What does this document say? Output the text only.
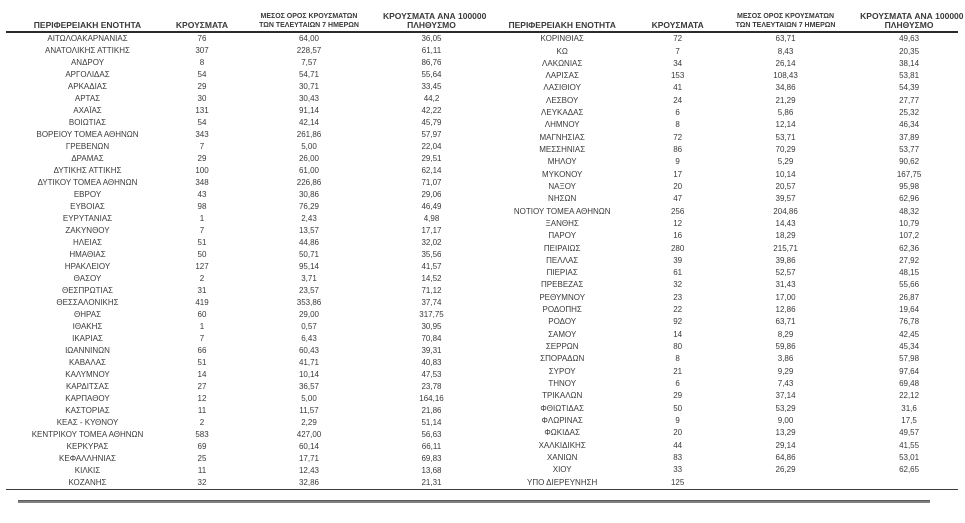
ΠΕΡΙΦΕΡΕΙΑΚΗ ΕΝΟΤΗΤΑ	ΚΡΟΥΣΜΑΤΑ	ΜΕΣΟΣ ΟΡΟΣ ΚΡΟΥΣΜΑΤΩΝ
ΤΩΝ ΤΕΛΕΥΤΑΙΩΝ 7 ΗΜΕΡΩΝ	ΚΡΟΥΣΜΑΤΑ ΑΝΑ 100000
ΠΛΗΘΥΣΜΟ

ΑΙΤΩΛΟΑΚΑΡΝΑΝΙΑΣ	76	64,00	36,05
ΑΝΑΤΟΛΙΚΗΣ ΑΤΤΙΚΗΣ	307	228,57	61,11
ΑΝΔΡΟΥ	8	7,57	86,76
ΑΡΓΟΛΙΔΑΣ	54	54,71	55,64
ΑΡΚΑΔΙΑΣ	29	30,71	33,45
ΑΡΤΑΣ	30	30,43	44,2
ΑΧΑΪΑΣ	131	91,14	42,22
ΒΟΙΩΤΙΑΣ	54	42,14	45,79
ΒΟΡΕΙΟΥ ΤΟΜΕΑ ΑΘΗΝΩΝ	343	261,86	57,97
ΓΡΕΒΕΝΩΝ	7	5,00	22,04
ΔΡΑΜΑΣ	29	26,00	29,51
ΔΥΤΙΚΗΣ ΑΤΤΙΚΗΣ	100	61,00	62,14
ΔΥΤΙΚΟΥ ΤΟΜΕΑ ΑΘΗΝΩΝ	348	226,86	71,07
ΕΒΡΟΥ	43	30,86	29,06
ΕΥΒΟΙΑΣ	98	76,29	46,49
ΕΥΡΥΤΑΝΙΑΣ	1	2,43	4,98
ΖΑΚΥΝΘΟΥ	7	13,57	17,17
ΗΛΕΙΑΣ	51	44,86	32,02
ΗΜΑΘΙΑΣ	50	50,71	35,56
ΗΡΑΚΛΕΙΟΥ	127	95,14	41,57
ΘΑΣΟΥ	2	3,71	14,52
ΘΕΣΠΡΩΤΙΑΣ	31	23,57	71,12
ΘΕΣΣΑΛΟΝΙΚΗΣ	419	353,86	37,74
ΘΗΡΑΣ	60	29,00	317,75
ΙΘΑΚΗΣ	1	0,57	30,95
ΙΚΑΡΙΑΣ	7	6,43	70,84
ΙΩΑΝΝΙΝΩΝ	66	60,43	39,31
ΚΑΒΑΛΑΣ	51	41,71	40,83
ΚΑΛΥΜΝΟΥ	14	10,14	47,53
ΚΑΡΔΙΤΣΑΣ	27	36,57	23,78
ΚΑΡΠΑΘΟΥ	12	5,00	164,16
ΚΑΣΤΟΡΙΑΣ	11	11,57	21,86
ΚΕΑΣ - ΚΥΘΝΟΥ	2	2,29	51,14
ΚΕΝΤΡΙΚΟΥ ΤΟΜΕΑ ΑΘΗΝΩΝ	583	427,00	56,63
ΚΕΡΚΥΡΑΣ	69	60,14	66,11
ΚΕΦΑΛΛΗΝΙΑΣ	25	17,71	69,83
ΚΙΛΚΙΣ	11	12,43	13,68
ΚΟΖΑΝΗΣ	32	32,86	21,31
ΠΕΡΙΦΕΡΕΙΑΚΗ ΕΝΟΤΗΤΑ	ΚΡΟΥΣΜΑΤΑ	ΜΕΣΟΣ ΟΡΟΣ ΚΡΟΥΣΜΑΤΩΝ
ΤΩΝ ΤΕΛΕΥΤΑΙΩΝ 7 ΗΜΕΡΩΝ	ΚΡΟΥΣΜΑΤΑ ΑΝΑ 100000
ΠΛΗΘΥΣΜΟ

ΚΟΡΙΝΘΙΑΣ	72	63,71	49,63
ΚΩ	7	8,43	20,35
ΛΑΚΩΝΙΑΣ	34	26,14	38,14
ΛΑΡΙΣΑΣ	153	108,43	53,81
ΛΑΣΙΘΙΟΥ	41	34,86	54,39
ΛΕΣΒΟΥ	24	21,29	27,77
ΛΕΥΚΑΔΑΣ	6	5,86	25,32
ΛΗΜΝΟΥ	8	12,14	46,34
ΜΑΓΝΗΣΙΑΣ	72	53,71	37,89
ΜΕΣΣΗΝΙΑΣ	86	70,29	53,77
ΜΗΛΟΥ	9	5,29	90,62
ΜΥΚΟΝΟΥ	17	10,14	167,75
ΝΑΞΟΥ	20	20,57	95,98
ΝΗΣΩΝ	47	39,57	62,96
ΝΟΤΙΟΥ ΤΟΜΕΑ ΑΘΗΝΩΝ	256	204,86	48,32
ΞΑΝΘΗΣ	12	14,43	10,79
ΠΑΡΟΥ	16	18,29	107,2
ΠΕΙΡΑΙΩΣ	280	215,71	62,36
ΠΕΛΛΑΣ	39	39,86	27,92
ΠΙΕΡΙΑΣ	61	52,57	48,15
ΠΡΕΒΕΖΑΣ	32	31,43	55,66
ΡΕΘΥΜΝΟΥ	23	17,00	26,87
ΡΟΔΟΠΗΣ	22	12,86	19,64
ΡΟΔΟΥ	92	63,71	76,78
ΣΑΜΟΥ	14	8,29	42,45
ΣΕΡΡΩΝ	80	59,86	45,34
ΣΠΟΡΑΔΩΝ	8	3,86	57,98
ΣΥΡΟΥ	21	9,29	97,64
ΤΗΝΟΥ	6	7,43	69,48
ΤΡΙΚΑΛΩΝ	29	37,14	22,12
ΦΘΙΩΤΙΔΑΣ	50	53,29	31,6
ΦΛΩΡΙΝΑΣ	9	9,00	17,5
ΦΩΚΙΔΑΣ	20	13,29	49,57
ΧΑΛΚΙΔΙΚΗΣ	44	29,14	41,55
ΧΑΝΙΩΝ	83	64,86	53,01
ΧΙΟΥ	33	26,29	62,65
ΥΠΟ ΔΙΕΡΕΥΝΗΣΗ	125		
